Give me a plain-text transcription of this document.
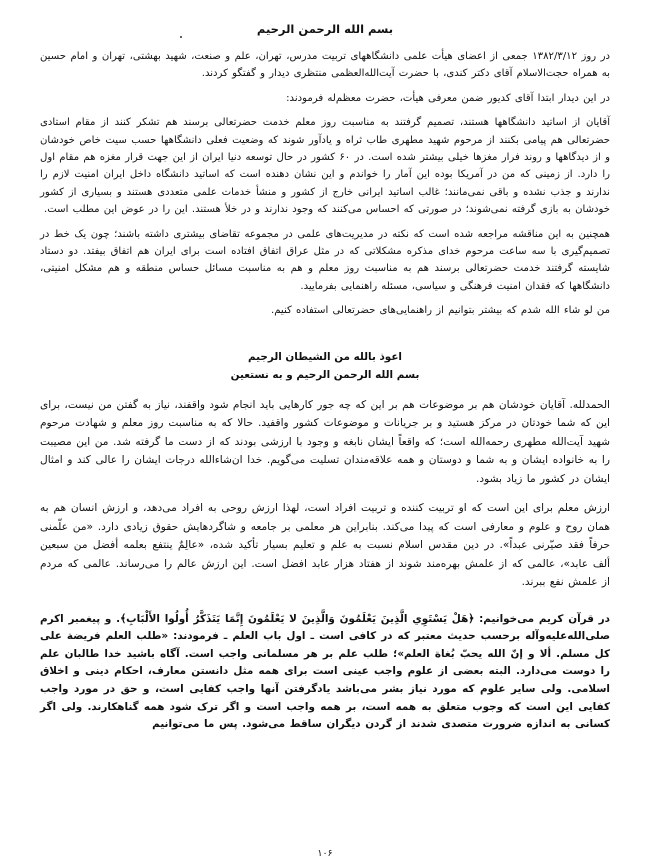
بسم الله الرحمن الرحيم

در روز ۱۳۸۲/۳/۱۲ جمعی از اعضای هیأت علمی دانشگاههای تربیت مدرس، تهران، علم و صنعت، شهید بهشتی، تهران و امام حسین به همراه حجت‌الاسلام آقای دکتر کندی، با حضرت آیت‌الله‌العظمی منتظری دیدار و گفتگو کردند.

در این دیدار ابتدا آقای کدیور ضمن معرفی هیأت، حضرت معظم‌له فرمودند:

آقایان از اساتید دانشگاهها هستند، تصمیم گرفتند به مناسبت روز معلم خدمت حضرتعالی برسند هم تشکر کنند از مقام استادی حضرتعالی هم پیامی بکنند از مرحوم شهید مطهری طاب ثراه و یادآور شوند که وضعیت فعلی دانشگاهها حسب سیت خاص خودشان و از دیدگاهها و روند فرار مغزها خیلی بیشتر شده است. در ۶۰ کشور در حال توسعه دنیا ایران از این جهت قرار مغزه هم مقام اول را دارد. از زمینی که من در آمریکا بوده این آمار را خواندم و این نشان دهنده است که اساتید دانشگاه داخل ایران امنیت لازم را ندارند و جذب نشده و باقی نمی‌مانند؛ غالب اساتید ایرانی خارج از کشور و منشأ خدمات علمی متعددی هستند و بسیاری از کشور خودشان به بازی گرفته نمی‌شوند؛ در صورتی که احساس می‌کنند که وجود ندارند و در خلأ هستند. این را در عوض این مطلب است.

همچنین به این مناقشه مراجعه شده است که نکته در مدیریت‌های علمی در مجموعه تقاضای بیشتری داشته باشند؛ چون یک خط در تصمیم‌گیری با سه ساعت مرحوم خدای مذکره مشکلاتی که در مثل عراق اتفاق افتاده است برای ایران هم اتفاق بیفتد. دو دستاد شایسته گرفتند خدمت حضرتعالی برسند هم به مناسبت روز معلم و هم به مناسبت مسائل حساس منطقه و هم مشکل امنیتی، دانشگاهها که فقدان امنیت فرهنگی و سیاسی، مسئله راهنمایی بفرمایید.

من لو شاء الله شدم که بیشتر بتوانیم از راهنمایی‌های حضرتعالی استفاده کنیم.

اعوذ بالله من الشيطان الرجيم

بسم الله الرحمن الرحيم و به نستعين

الحمدلله. آقایان خودشان هم بر موضوعات هم بر این که چه جور کارهایی باید انجام شود واقفند، نیاز به گفتن من نیست، برای این که شما خودتان در مرکز هستید و بر جریانات و موضوعات کشور واقفید. حالا که به مناسبت روز معلم و شهادت مرحوم شهید آیت‌الله مطهری رحمه‌الله است؛ که واقعاً ایشان نابغه و وجود با ارزشی بودند که از دست ما گرفته شد. من این مصیبت را به خانواده ایشان و به شما و دوستان و همه علاقه‌مندان تسلیت می‌گویم. خدا ان‌شاءالله درجات ایشان را عالی کند و امثال ایشان در کشور ما زیاد بشود.

ارزش معلم برای این است که او تربیت کننده و تربیت افراد است، لهذا ارزش روحی به افراد می‌دهد، و ارزش انسان هم به همان روح و علوم و معارفی است که پیدا می‌کند. بنابراین هر معلمی بر جامعه و شاگردهایش حقوق زیادی دارد. «من علّمنی حرفاً فقد صیّرنی عبداً». در دین مقدس اسلام نسبت به علم و تعلیم بسیار تأکید شده، «عالِمٌ ینتفع بعلمه أفضل من سبعین ألف عابد»، عالمی که از علمش بهره‌مند شوند از هفتاد هزار عابد افضل است. این ارزش عالم را می‌رساند. عالمی که مردم از علمش نفع ببرند.

در قرآن کریم می‌خوانیم: ﴿هَلْ يَسْتَوِي الَّذِينَ يَعْلَمُونَ وَالَّذِينَ لا يَعْلَمُونَ إِنَّمَا يَتَذَكَّرُ أُولُوا الأَلْبَابِ﴾. و پیغمبر اکرم صلی‌الله‌علیه‌وآله برحسب حدیث معتبر که در کافی است ـ اول باب العلم ـ فرمودند: «طلب العلم فریضة علی کل مسلم. ألا و إنّ الله يحبّ بُغاة العلم»؛ طلب علم بر هر مسلمانی واجب است. آگاه باشید خدا طالبان علم را دوست می‌دارد. البته بعضی از علوم واجب عینی است برای همه مثل دانستن معارف، احکام دینی و اخلاق اسلامی. ولی سایر علوم که مورد نیاز بشر می‌باشد یادگرفتن آنها واجب کفایی است، و حق در مورد واجب کفایی این است که وجوب متعلق به همه است، بر همه واجب است و اگر ترک شود همه گناهکارند. ولی اگر کسانی به اندازه ضرورت متصدی شدند از گردن دیگران ساقط می‌شود. پس ما می‌توانیم

۱۰۶
